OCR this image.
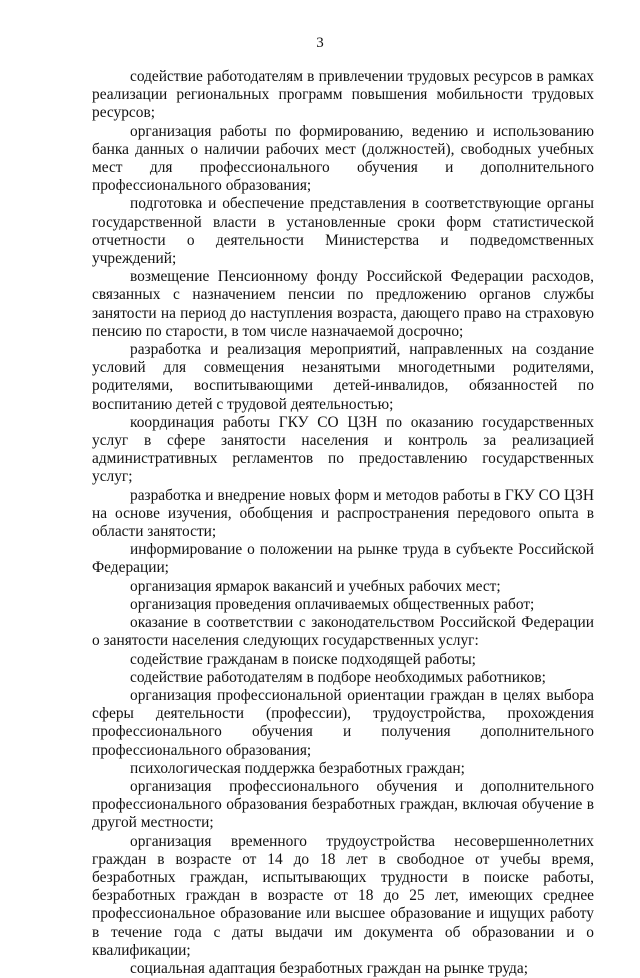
3

содействие работодателям в привлечении трудовых ресурсов в рамках реализации региональных программ повышения мобильности трудовых ресурсов;

организация работы по формированию, ведению и использованию банка данных о наличии рабочих мест (должностей), свободных учебных мест для профессионального обучения и дополнительного профессионального образования;

подготовка и обеспечение представления в соответствующие органы государственной власти в установленные сроки форм статистической отчетности о деятельности Министерства и подведомственных учреждений;

возмещение Пенсионному фонду Российской Федерации расходов, связанных с назначением пенсии по предложению органов службы занятости на период до наступления возраста, дающего право на страховую пенсию по старости, в том числе назначаемой досрочно;

разработка и реализация мероприятий, направленных на создание условий для совмещения незанятыми многодетными родителями, родителями, воспитывающими детей-инвалидов, обязанностей по воспитанию детей с трудовой деятельностью;

координация работы ГКУ СО ЦЗН по оказанию государственных услуг в сфере занятости населения и контроль за реализацией административных регламентов по предоставлению государственных услуг;

разработка и внедрение новых форм и методов работы в ГКУ СО ЦЗН на основе изучения, обобщения и распространения передового опыта в области занятости;

информирование о положении на рынке труда в субъекте Российской Федерации;

организация ярмарок вакансий и учебных рабочих мест;

организация проведения оплачиваемых общественных работ;

оказание в соответствии с законодательством Российской Федерации о занятости населения следующих государственных услуг:

содействие гражданам в поиске подходящей работы;

содействие работодателям в подборе необходимых работников;

организация профессиональной ориентации граждан в целях выбора сферы деятельности (профессии), трудоустройства, прохождения профессионального обучения и получения дополнительного профессионального образования;

психологическая поддержка безработных граждан;

организация профессионального обучения и дополнительного профессионального образования безработных граждан, включая обучение в другой местности;

организация временного трудоустройства несовершеннолетних граждан в возрасте от 14 до 18 лет в свободное от учебы время, безработных граждан, испытывающих трудности в поиске работы, безработных граждан в возрасте от 18 до 25 лет, имеющих среднее профессиональное образование или высшее образование и ищущих работу в течение года с даты выдачи им документа об образовании и о квалификации;

социальная адаптация безработных граждан на рынке труда;
